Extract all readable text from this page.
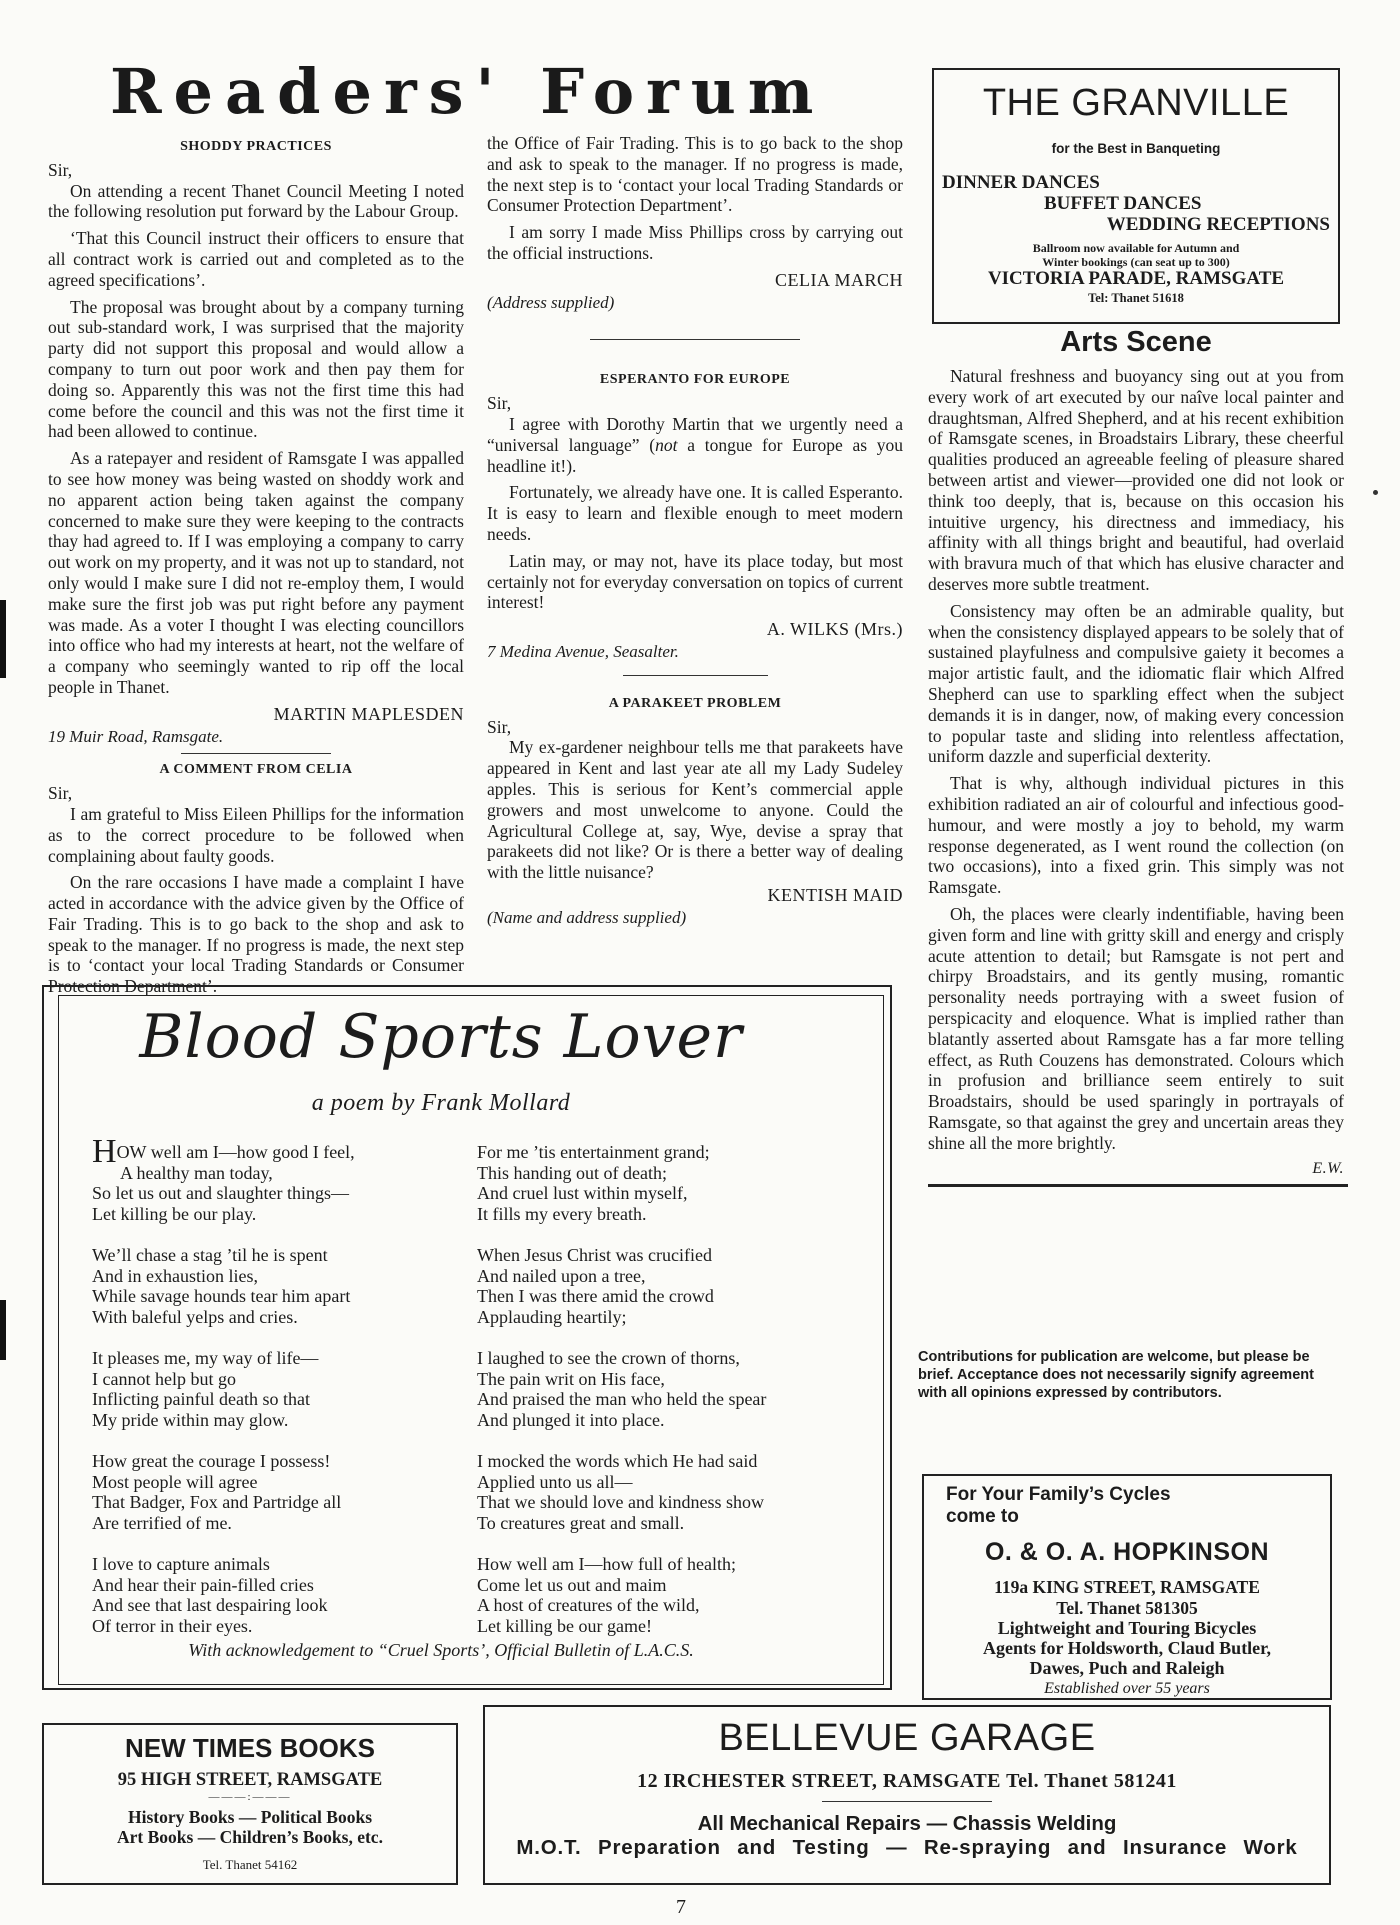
Readers' Forum
SHODDY PRACTICES

Sir,

On attending a recent Thanet Council Meeting I noted the following resolution put forward by the Labour Group.

‘That this Council instruct their officers to ensure that all contract work is carried out and completed as to the agreed specifications’.

The proposal was brought about by a company turning out sub-standard work, I was surprised that the majority party did not support this proposal and would allow a company to turn out poor work and then pay them for doing so. Apparently this was not the first time this had come before the council and this was not the first time it had been allowed to continue.

As a ratepayer and resident of Ramsgate I was appalled to see how money was being wasted on shoddy work and no apparent action being taken against the company concerned to make sure they were keeping to the contracts thay had agreed to. If I was employing a company to carry out work on my property, and it was not up to standard, not only would I make sure I did not re-employ them, I would make sure the first job was put right before any payment was made. As a voter I thought I was electing councillors into office who had my interests at heart, not the welfare of a company who seemingly wanted to rip off the local people in Thanet.

MARTIN MAPLESDEN
19 Muir Road, Ramsgate.
A COMMENT FROM CELIA

Sir,

I am grateful to Miss Eileen Phillips for the information as to the correct procedure to be followed when complaining about faulty goods.

On the rare occasions I have made a complaint I have acted in accordance with the advice given by the Office of Fair Trading. This is to go back to the shop and ask to speak to the manager. If no progress is made, the next step is to ‘contact your local Trading Standards or Consumer Protection Department’.

the Office of Fair Trading. This is to go back to the shop and ask to speak to the manager. If no progress is made, the next step is to ‘contact your local Trading Standards or Consumer Protection Department’.

I am sorry I made Miss Phillips cross by carrying out the official instructions.

CELIA MARCH
(Address supplied)
ESPERANTO FOR EUROPE

Sir,

I agree with Dorothy Martin that we urgently need a “universal language” (not a tongue for Europe as you headline it!).

Fortunately, we already have one. It is called Esperanto. It is easy to learn and flexible enough to meet modern needs.

Latin may, or may not, have its place today, but most certainly not for everyday conversation on topics of current interest!

A. WILKS (Mrs.)
7 Medina Avenue, Seasalter.
A PARAKEET PROBLEM

Sir,

My ex-gardener neighbour tells me that parakeets have appeared in Kent and last year ate all my Lady Sudeley apples. This is serious for Kent’s commercial apple growers and most unwelcome to anyone. Could the Agricultural College at, say, Wye, devise a spray that parakeets did not like? Or is there a better way of dealing with the little nuisance?

KENTISH MAID
(Name and address supplied)
THE GRANVILLE
for the Best in Banqueting
DINNER DANCES
BUFFET DANCES
WEDDING RECEPTIONS
Ballroom now available for Autumn and
Winter bookings (can seat up to 300)
VICTORIA PARADE, RAMSGATE
Tel: Thanet 51618
Arts Scene

Natural freshness and buoyancy sing out at you from every work of art executed by our naîve local painter and draughtsman, Alfred Shepherd, and at his recent exhibition of Ramsgate scenes, in Broadstairs Library, these cheerful qualities produced an agreeable feeling of pleasure shared between artist and viewer—provided one did not look or think too deeply, that is, because on this occasion his intuitive urgency, his directness and immediacy, his affinity with all things bright and beautiful, had overlaid with bravura much of that which has elusive character and deserves more subtle treatment.

Consistency may often be an admirable quality, but when the consistency displayed appears to be solely that of sustained playfulness and compulsive gaiety it becomes a major artistic fault, and the idiomatic flair which Alfred Shepherd can use to sparkling effect when the subject demands it is in danger, now, of making every concession to popular taste and sliding into relentless affectation, uniform dazzle and superficial dexterity.

That is why, although individual pictures in this exhibition radiated an air of colourful and infectious good-humour, and were mostly a joy to behold, my warm response degenerated, as I went round the collection (on two occasions), into a fixed grin. This simply was not Ramsgate.

Oh, the places were clearly indentifiable, having been given form and line with gritty skill and energy and crisply acute attention to detail; but Ramsgate is not pert and chirpy Broadstairs, and its gently musing, romantic personality needs portraying with a sweet fusion of perspicacity and eloquence. What is implied rather than blatantly asserted about Ramsgate has a far more telling effect, as Ruth Couzens has demonstrated. Colours which in profusion and brilliance seem entirely to suit Broadstairs, should be used sparingly in portrayals of Ramsgate, so that against the grey and uncertain areas they shine all the more brightly.

E.W.
Blood Sports Lover
a poem by Frank Mollard
HOW well am I—how good I feel,
A healthy man today,
So let us out and slaughter things—
Let killing be our play.
We’ll chase a stag ’til he is spent
And in exhaustion lies,
While savage hounds tear him apart
With baleful yelps and cries.
It pleases me, my way of life—
I cannot help but go
Inflicting painful death so that
My pride within may glow.
How great the courage I possess!
Most people will agree
That Badger, Fox and Partridge all
Are terrified of me.
I love to capture animals
And hear their pain-filled cries
And see that last despairing look
Of terror in their eyes.
For me ’tis entertainment grand;
This handing out of death;
And cruel lust within myself,
It fills my every breath.
When Jesus Christ was crucified
And nailed upon a tree,
Then I was there amid the crowd
Applauding heartily;
I laughed to see the crown of thorns,
The pain writ on His face,
And praised the man who held the spear
And plunged it into place.
I mocked the words which He had said
Applied unto us all—
That we should love and kindness show
To creatures great and small.
How well am I—how full of health;
Come let us out and maim
A host of creatures of the wild,
Let killing be our game!
With acknowledgement to “Cruel Sports’, Official Bulletin of L.A.C.S.
Contributions for publication are welcome, but please be brief. Acceptance does not necessarily signify agreement with all opinions expressed by contributors.
For Your Family’s Cycles
come to
O. & O. A. HOPKINSON
119a KING STREET, RAMSGATE
Tel. Thanet 581305
Lightweight and Touring Bicycles
Agents for Holdsworth, Claud Butler,
Dawes, Puch and Raleigh
Established over 55 years
NEW TIMES BOOKS
95 HIGH STREET, RAMSGATE
———:———
History Books — Political Books
Art Books — Children’s Books, etc.
Tel. Thanet 54162
BELLEVUE GARAGE
12 IRCHESTER STREET, RAMSGATE Tel. Thanet 581241
All Mechanical Repairs — Chassis Welding
M.O.T. Preparation and Testing — Re-spraying and Insurance Work
7
